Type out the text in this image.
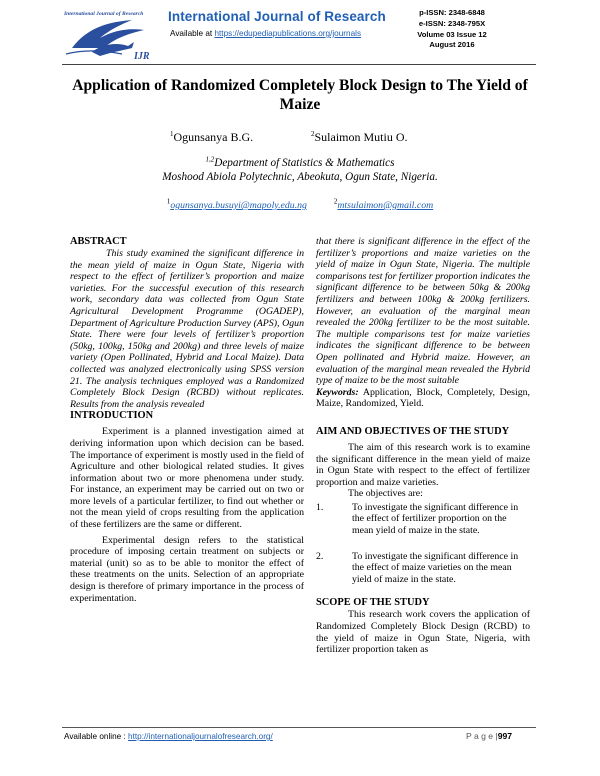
International Journal of Research
IJR
International Journal of Research
Available at https://edupediapublications.org/journals
p-ISSN: 2348-6848
e-ISSN: 2348-795X
Volume 03 Issue 12
August 2016
Application of Randomized Completely Block Design to The Yield of Maize
$^1$Ogunsanya B.G.	$^2$Sulaimon Mutiu O.
$^{1,2}$Department of Statistics & Mathematics
Moshood Abiola Polytechnic, Abeokuta, Ogun State, Nigeria.
$^1$ogunsanya.busuyi@mapoly.edu.ng	$^2$mtsulaimon@gmail.com
ABSTRACT

This study examined the significant difference in the mean yield of maize in Ogun State, Nigeria with respect to the effect of fertilizer’s proportion and maize varieties. For the successful execution of this research work, secondary data was collected from Ogun State Agricultural Development Programme (OGADEP), Department of Agriculture Production Survey (APS), Ogun State. There were four levels of fertilizer’s proportion (50kg, 100kg, 150kg and 200kg) and three levels of maize variety (Open Pollinated, Hybrid and Local Maize). Data collected was analyzed electronically using SPSS version 21. The analysis techniques employed was a Randomized Completely Block Design (RCBD) without replicates. Results from the analysis revealed

INTRODUCTION

Experiment is a planned investigation aimed at deriving information upon which decision can be based. The importance of experiment is mostly used in the field of Agriculture and other biological related studies. It gives information about two or more phenomena under study. For instance, an experiment may be carried out on two or more levels of a particular fertilizer, to find out whether or not the mean yield of crops resulting from the application of these fertilizers are the same or different.

Experimental design refers to the statistical procedure of imposing certain treatment on subjects or material (unit) so as to be able to monitor the effect of these treatments on the units. Selection of an appropriate design is therefore of primary importance in the process of experimentation.

that there is significant difference in the effect of the fertilizer’s proportions and maize varieties on the yield of maize in Ogun State, Nigeria. The multiple comparisons test for fertilizer proportion indicates the significant difference to be between 50kg & 200kg fertilizers and between 100kg & 200kg fertilizers. However, an evaluation of the marginal mean revealed the 200kg fertilizer to be the most suitable. The multiple comparisons test for maize varieties indicates the significant difference to be between Open pollinated and Hybrid maize. However, an evaluation of the marginal mean revealed the Hybrid type of maize to be the most suitable

Keywords: Application, Block, Completely, Design, Maize, Randomized, Yield.

AIM AND OBJECTIVES OF THE STUDY

The aim of this research work is to examine the significant difference in the mean yield of maize in Ogun State with respect to the effect of fertilizer proportion and maize varieties.

The objectives are:

1.	To investigate the significant difference in the effect of fertilizer proportion on the mean yield of maize in the state.
2.	To investigate the significant difference in the effect of maize varieties on the mean yield of maize in the state.
SCOPE OF THE STUDY

This research work covers the application of Randomized Completely Block Design (RCBD) to the yield of maize in Ogun State, Nigeria, with fertilizer proportion taken as

Available online : http://internationaljournalofresearch.org/	P a g e |997
